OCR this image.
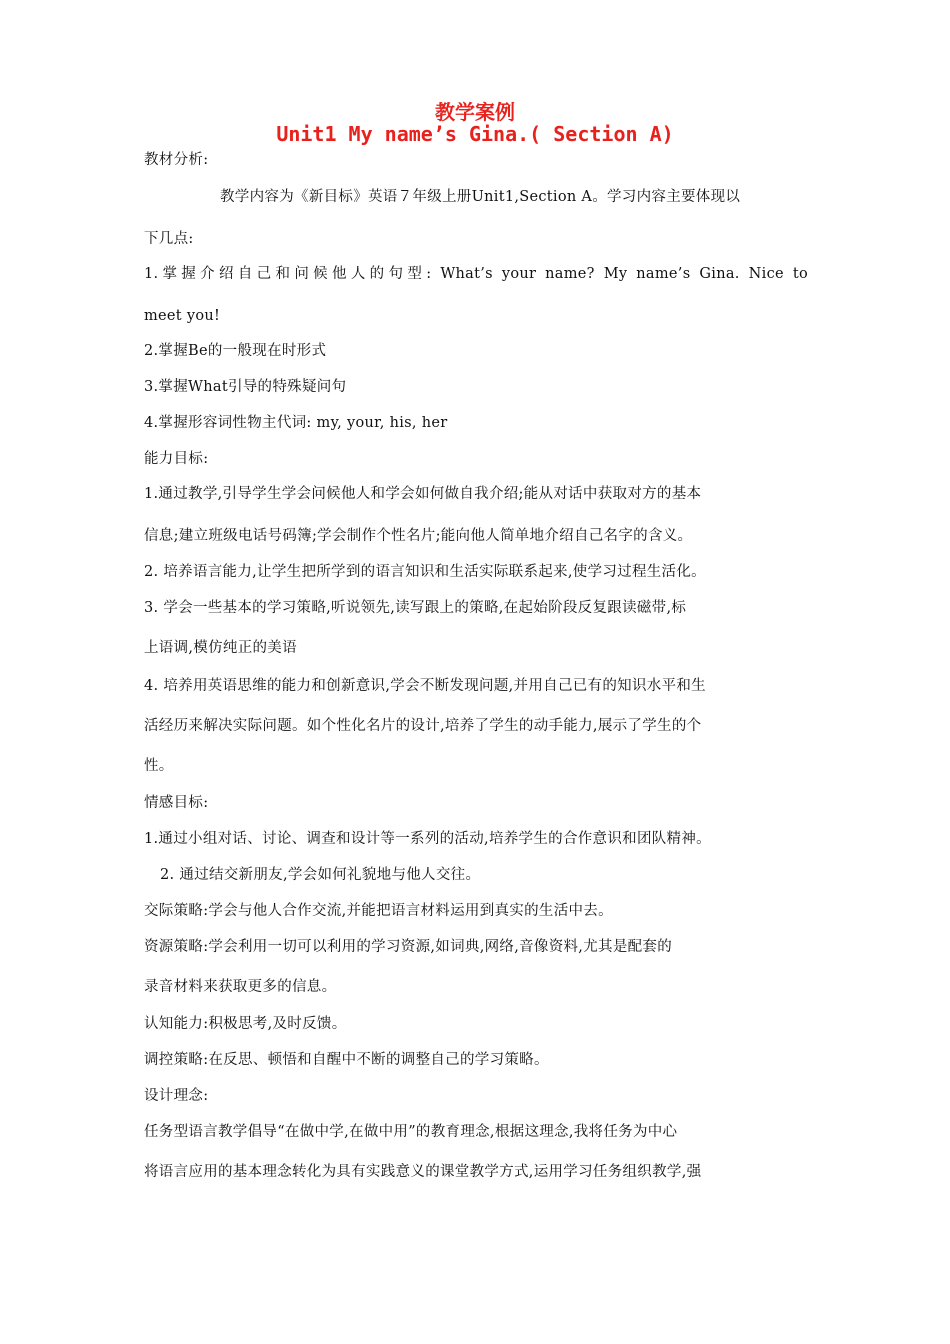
教学案例
Unit1 My name’s Gina.( Section A)
教材分析:
教学内容为《新目标》英语７年级上册Unit1,Section A。学习内容主要体现以
下几点:
1.掌握介绍自己和问候他人的句型: What’s your name? My name’s Gina. Nice to
meet you!
2.掌握Be的一般现在时形式
3.掌握What引导的特殊疑问句
4.掌握形容词性物主代词: my, your, his, her
能力目标:
1.通过教学,引导学生学会问候他人和学会如何做自我介绍;能从对话中获取对方的基本
信息;建立班级电话号码簿;学会制作个性名片;能向他人简单地介绍自己名字的含义。
2. 培养语言能力,让学生把所学到的语言知识和生活实际联系起来,使学习过程生活化。
3. 学会一些基本的学习策略,听说领先,读写跟上的策略,在起始阶段反复跟读磁带,标
上语调,模仿纯正的美语
4. 培养用英语思维的能力和创新意识,学会不断发现问题,并用自己已有的知识水平和生
活经历来解决实际问题。如个性化名片的设计,培养了学生的动手能力,展示了学生的个
性。
情感目标:
1.通过小组对话、讨论、调查和设计等一系列的活动,培养学生的合作意识和团队精神。
2. 通过结交新朋友,学会如何礼貌地与他人交往。
交际策略:学会与他人合作交流,并能把语言材料运用到真实的生活中去。
资源策略:学会利用一切可以利用的学习资源,如词典,网络,音像资料,尤其是配套的
录音材料来获取更多的信息。
认知能力:积极思考,及时反馈。
调控策略:在反思、顿悟和自醒中不断的调整自己的学习策略。
设计理念:
任务型语言教学倡导“在做中学,在做中用”的教育理念,根据这理念,我将任务为中心
将语言应用的基本理念转化为具有实践意义的课堂教学方式,运用学习任务组织教学,强
